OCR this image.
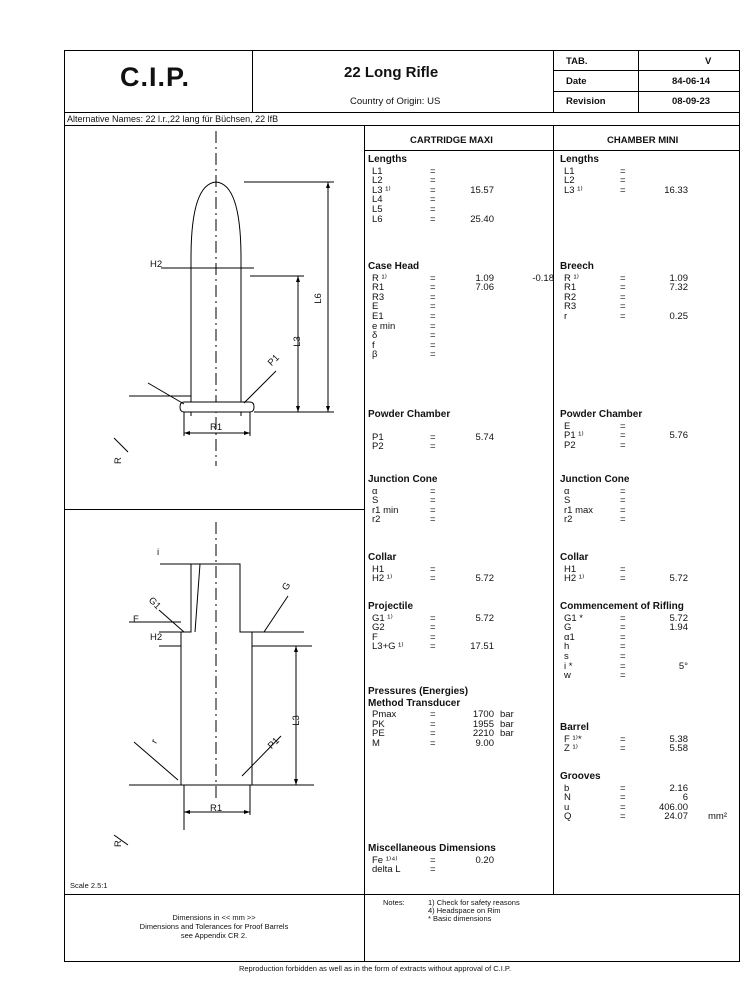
C.I.P.	22 Long Rifle
Country of Origin: US
TAB.	V
Date	84-06-14
Revision	08-09-23
Alternative Names: 22 l.r.,22 lang für Büchsen, 22 lfB
CARTRIDGE MAXI	CHAMBER MINI
Lengths
L1	=
L2	=
L3 ¹⁾	=	15.57
L4	=
L5	=
L6	=	25.40
Case Head
R ¹⁾	=	1.09	-0.18
R1	=	7.06
R3	=
E	=
E1	=
e min	=
δ	=
f	=
β	=
Powder Chamber
P1	=	5.74
P2	=
Junction Cone
α	=
S	=
r1 min	=
r2	=
Collar
H1	=
H2 ¹⁾	=	5.72
Projectile
G1 ¹⁾	=	5.72
G2	=
F	=
L3+G ¹⁾	=	17.51
Pressures (Energies)
Method Transducer
Pmax	=	1700 bar
PK	=	1955 bar
PE	=	2210 bar
M	=	9.00
Miscellaneous Dimensions
Fe ¹⁾⁴⁾	=	0.20
delta L	=
Lengths
L1	=
L2	=
L3 ¹⁾	=	16.33
Breech
R ¹⁾	=	1.09
R1	=	7.32
R2	=
R3	=
r	=	0.25
Powder Chamber
E	=
P1 ¹⁾	=	5.76
P2	=
Junction Cone
α	=
S	=
r1 max	=
r2	=
Collar
H1	=
H2 ¹⁾	=	5.72
Commencement of Rifling
G1 *	=	5.72
G	=	1.94
α1	=
h	=
s	=
i *	=	5°
w	=
Barrel
F ¹⁾*	=	5.38
Z ¹⁾	=	5.58
Grooves
b	=	2.16
N	=	6
u	=	406.00
Q	=	24.07 mm²
H2
L6
L3
P1
R1
R
i
G
G1
F
H2
L3
r	P1
R1
R
Scale 2.5:1
Notes:	1) Check for safety reasons
4) Headspace on Rim
* Basic dimensions
Dimensions in << mm >>
Dimensions and Tolerances for Proof Barrels
see Appendix CR 2.
Reproduction forbidden as well as in the form of extracts without approval of C.I.P.
